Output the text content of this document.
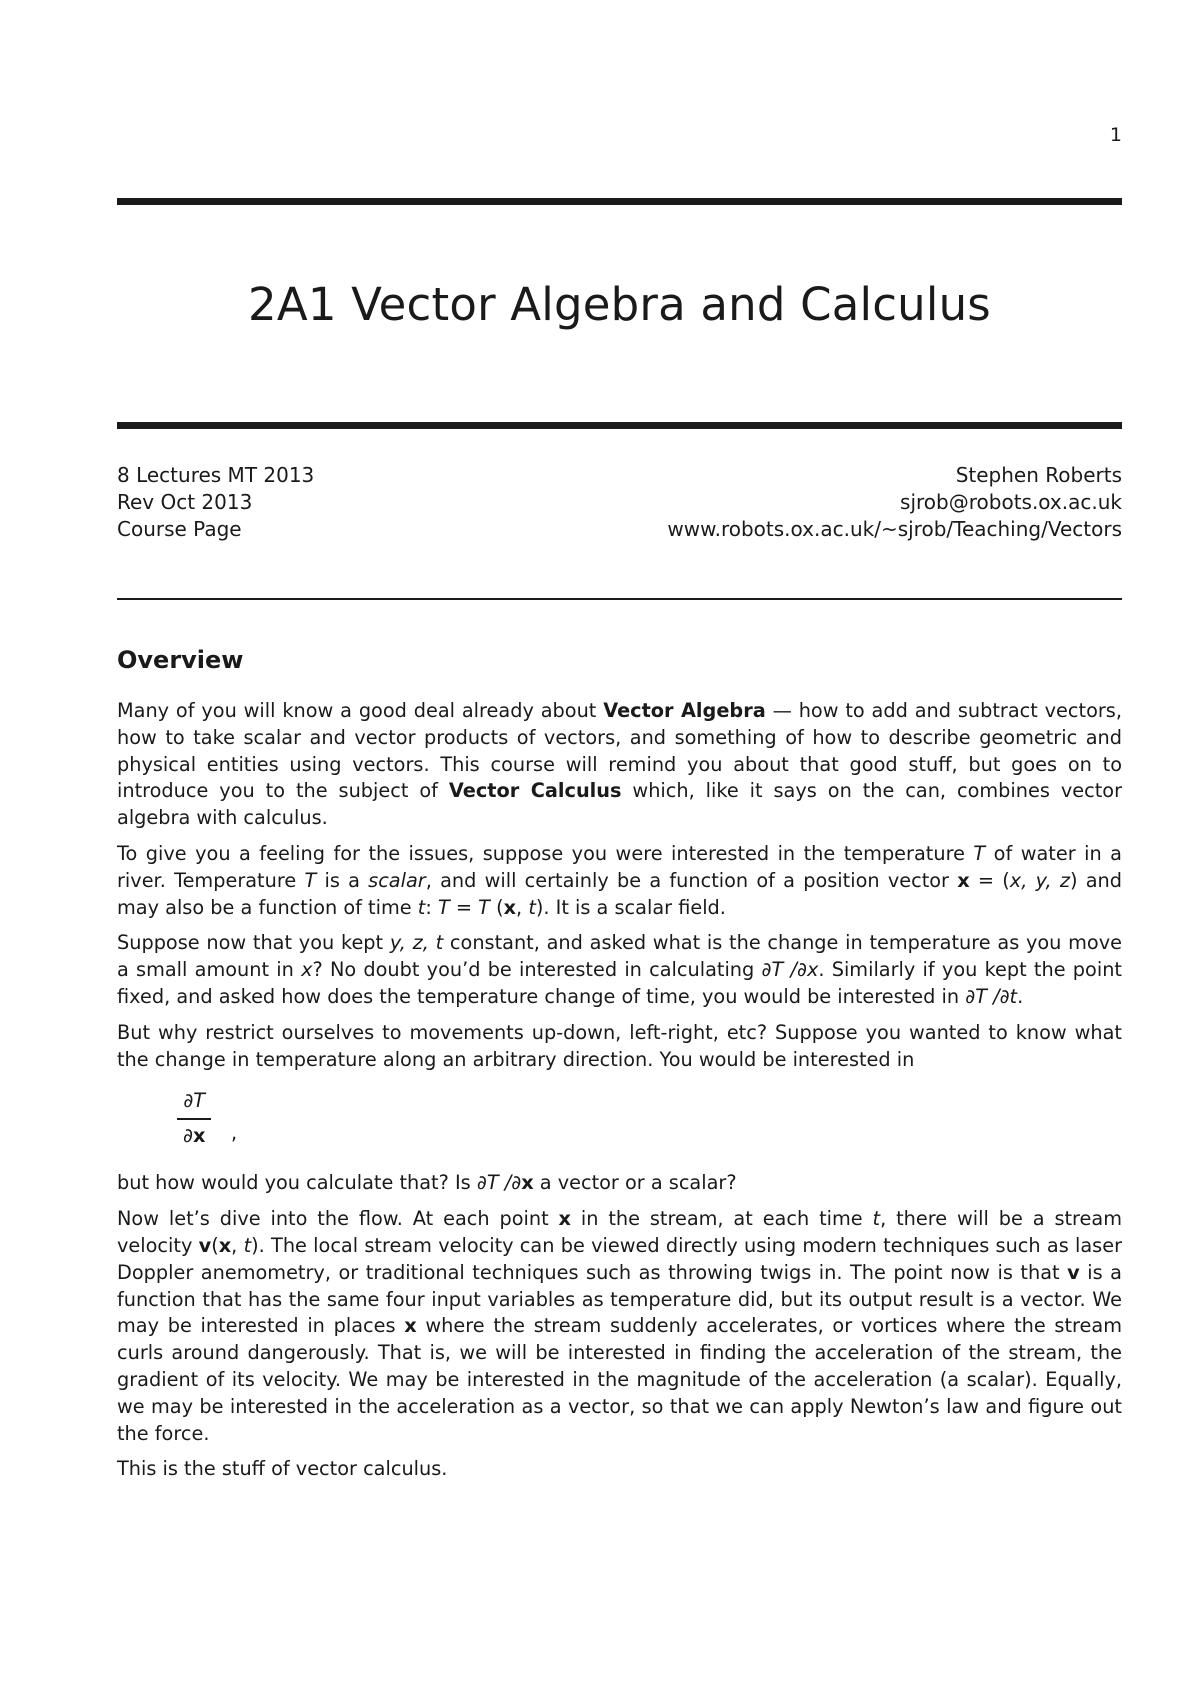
1
2A1 Vector Algebra and Calculus
8 Lectures MT 2013	Stephen Roberts
Rev Oct 2013	sjrob@robots.ox.ac.uk
Course Page	www.robots.ox.ac.uk/~sjrob/Teaching/Vectors
Overview

Many of you will know a good deal already about Vector Algebra — how to add and subtract vectors, how to take scalar and vector products of vectors, and something of how to describe geometric and physical entities using vectors. This course will remind you about that good stuff, but goes on to introduce you to the subject of Vector Calculus which, like it says on the can, combines vector algebra with calculus.

To give you a feeling for the issues, suppose you were interested in the temperature T of water in a river. Temperature T is a scalar, and will certainly be a function of a position vector x = (x, y, z) and may also be a function of time t: T = T (x, t). It is a scalar field.

Suppose now that you kept y, z, t constant, and asked what is the change in temperature as you move a small amount in x? No doubt you’d be interested in calculating ∂T /∂x. Similarly if you kept the point fixed, and asked how does the temperature change of time, you would be interested in ∂T /∂t.

But why restrict ourselves to movements up-down, left-right, etc? Suppose you wanted to know what the change in temperature along an arbitrary direction. You would be interested in

∂T
∂x	,

but how would you calculate that? Is ∂T /∂x a vector or a scalar?

Now let’s dive into the flow. At each point x in the stream, at each time t, there will be a stream velocity v(x, t). The local stream velocity can be viewed directly using modern techniques such as laser Doppler anemometry, or traditional techniques such as throwing twigs in. The point now is that v is a function that has the same four input variables as temperature did, but its output result is a vector. We may be interested in places x where the stream suddenly accelerates, or vortices where the stream curls around dangerously. That is, we will be interested in finding the acceleration of the stream, the gradient of its velocity. We may be interested in the magnitude of the acceleration (a scalar). Equally, we may be interested in the acceleration as a vector, so that we can apply Newton’s law and figure out the force.

This is the stuff of vector calculus.
